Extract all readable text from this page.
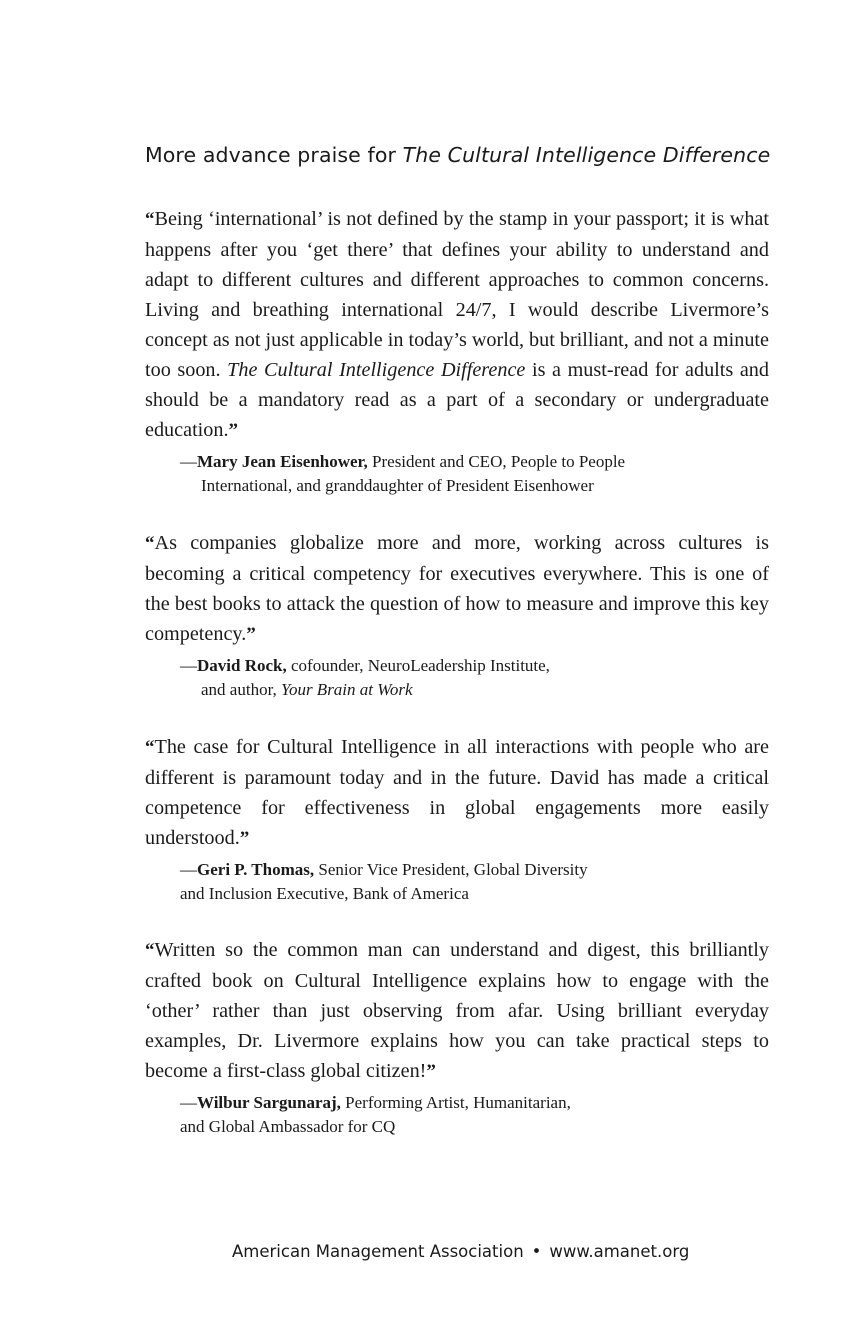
More advance praise for The Cultural Intelligence Difference

“Being ‘international’ is not defined by the stamp in your passport; it is what happens after you ‘get there’ that defines your ability to understand and adapt to different cultures and different approaches to common concerns. Living and breathing international 24/7, I would describe Livermore’s concept as not just applicable in today’s world, but brilliant, and not a minute too soon. The Cultural Intelligence Difference is a must-read for adults and should be a mandatory read as a part of a secondary or undergraduate education.”

—Mary Jean Eisenhower, President and CEO, People to People
International, and granddaughter of President Eisenhower

“As companies globalize more and more, working across cultures is becoming a critical competency for executives everywhere. This is one of the best books to attack the question of how to measure and improve this key competency.”

—David Rock, cofounder, NeuroLeadership Institute,
and author, Your Brain at Work

“The case for Cultural Intelligence in all interactions with people who are different is paramount today and in the future. David has made a critical competence for effectiveness in global engagements more easily understood.”

—Geri P. Thomas, Senior Vice President, Global Diversity
and Inclusion Executive, Bank of America

“Written so the common man can understand and digest, this brilliantly crafted book on Cultural Intelligence explains how to engage with the ‘other’ rather than just observing from afar. Using brilliant everyday examples, Dr. Livermore explains how you can take practical steps to become a first-class global citizen!”

—Wilbur Sargunaraj, Performing Artist, Humanitarian,
and Global Ambassador for CQ

American Management Association • www.amanet.org
